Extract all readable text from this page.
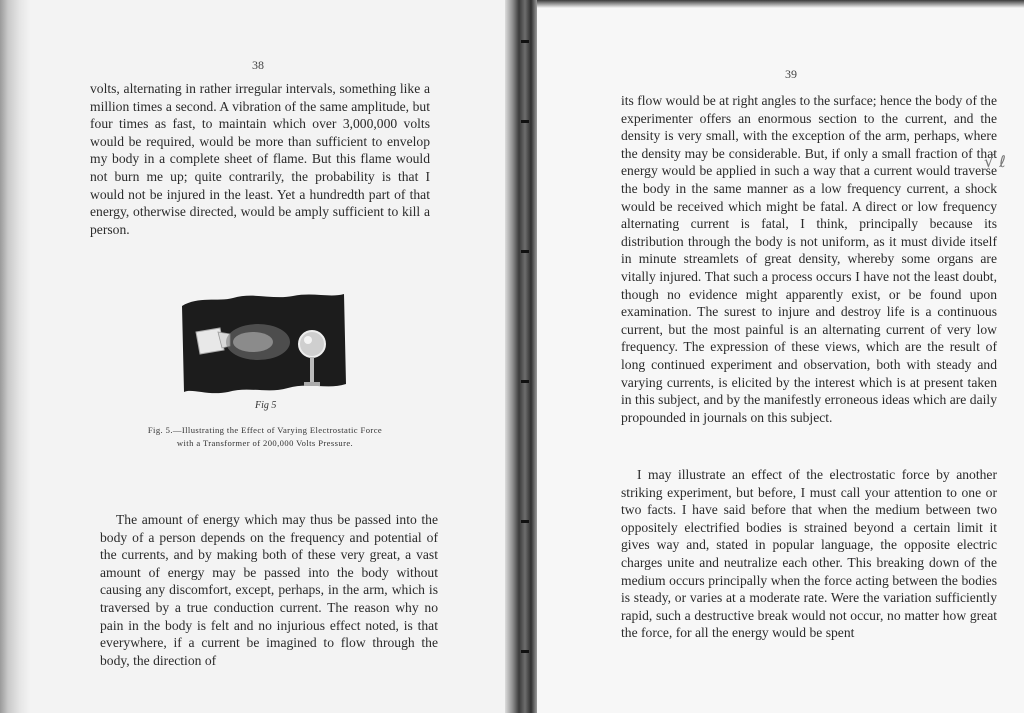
38

volts, alternating in rather irregular intervals, something like a million times a second. A vibration of the same amplitude, but four times as fast, to maintain which over 3,000,000 volts would be required, would be more than sufficient to envelop my body in a complete sheet of flame. But this flame would not burn me up; quite contrarily, the probability is that I would not be injured in the least. Yet a hundredth part of that energy, otherwise directed, would be amply sufficient to kill a person.

Fig 5
Fig. 5.—Illustrating the Effect of Varying Electrostatic Force
with a Transformer of 200,000 Volts Pressure.

The amount of energy which may thus be passed into the body of a person depends on the frequency and potential of the currents, and by making both of these very great, a vast amount of energy may be passed into the body without causing any discomfort, except, perhaps, in the arm, which is traversed by a true conduction current. The reason why no pain in the body is felt and no injurious effect noted, is that everywhere, if a current be imagined to flow through the body, the direction of

39

its flow would be at right angles to the surface; hence the body of the experimenter offers an enormous section to the current, and the density is very small, with the exception of the arm, perhaps, where the density may be considerable. But, if only a small fraction of that energy would be applied in such a way that a current would traverse the body in the same manner as a low frequency current, a shock would be received which might be fatal. A direct or low frequency alternating current is fatal, I think, principally because its distribution through the body is not uniform, as it must divide itself in minute streamlets of great density, whereby some organs are vitally injured. That such a process occurs I have not the least doubt, though no evidence might apparently exist, or be found upon examination. The surest to injure and destroy life is a continuous current, but the most painful is an alternating current of very low frequency. The expression of these views, which are the result of long continued experiment and observation, both with steady and varying currents, is elicited by the interest which is at present taken in this subject, and by the manifestly erroneous ideas which are daily propounded in journals on this subject.

I may illustrate an effect of the electrostatic force by another striking experiment, but before, I must call your attention to one or two facts. I have said before that when the medium between two oppositely electrified bodies is strained beyond a certain limit it gives way and, stated in popular language, the opposite electric charges unite and neutralize each other. This breaking down of the medium occurs principally when the force acting between the bodies is steady, or varies at a moderate rate. Were the variation sufficiently rapid, such a destructive break would not occur, no matter how great the force, for all the energy would be spent

√ ℓ
